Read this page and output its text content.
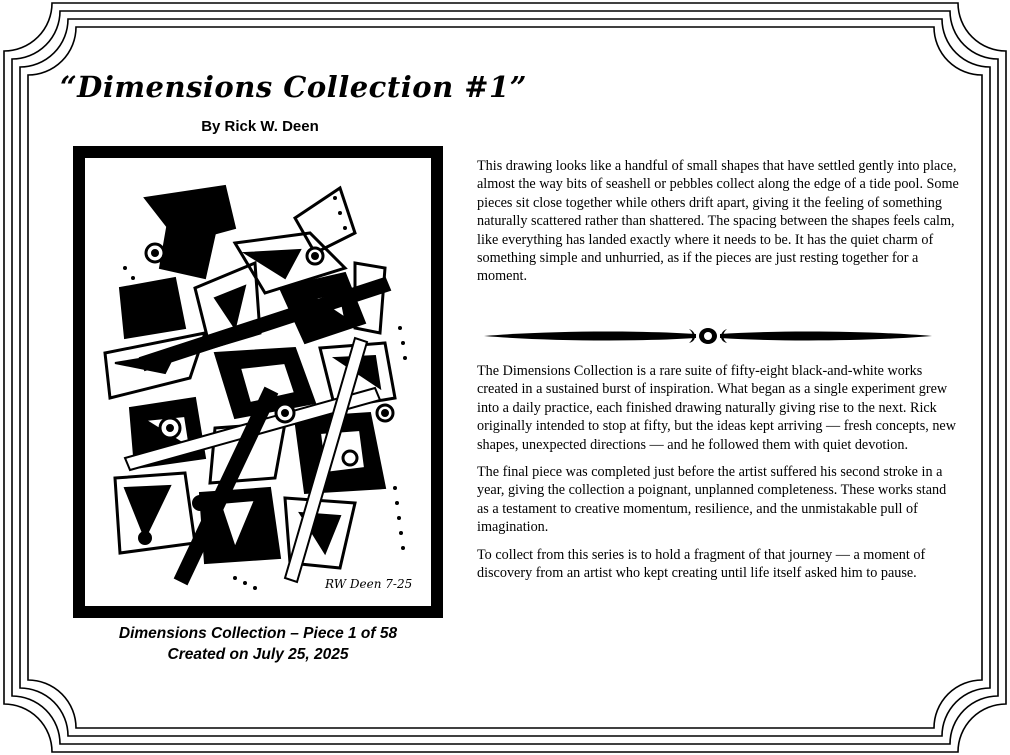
“Dimensions Collection #1”
By Rick W. Deen
RW Deen 7-25
Dimensions Collection – Piece 1 of 58
Created on July 25, 2025

This drawing looks like a handful of small shapes that have settled gently into place, almost the way bits of seashell or pebbles collect along the edge of a tide pool. Some pieces sit close together while others drift apart, giving it the feeling of something naturally scattered rather than shattered. The spacing between the shapes feels calm, like everything has landed exactly where it needs to be. It has the quiet charm of something simple and unhurried, as if the pieces are just resting together for a moment.

The Dimensions Collection is a rare suite of fifty-eight black-and-white works created in a sustained burst of inspiration. What began as a single experiment grew into a daily practice, each finished drawing naturally giving rise to the next. Rick originally intended to stop at fifty, but the ideas kept arriving — fresh concepts, new shapes, unexpected directions — and he followed them with quiet devotion.

The final piece was completed just before the artist suffered his second stroke in a year, giving the collection a poignant, unplanned completeness. These works stand as a testament to creative momentum, resilience, and the unmistakable pull of imagination.

To collect from this series is to hold a fragment of that journey — a moment of discovery from an artist who kept creating until life itself asked him to pause.
